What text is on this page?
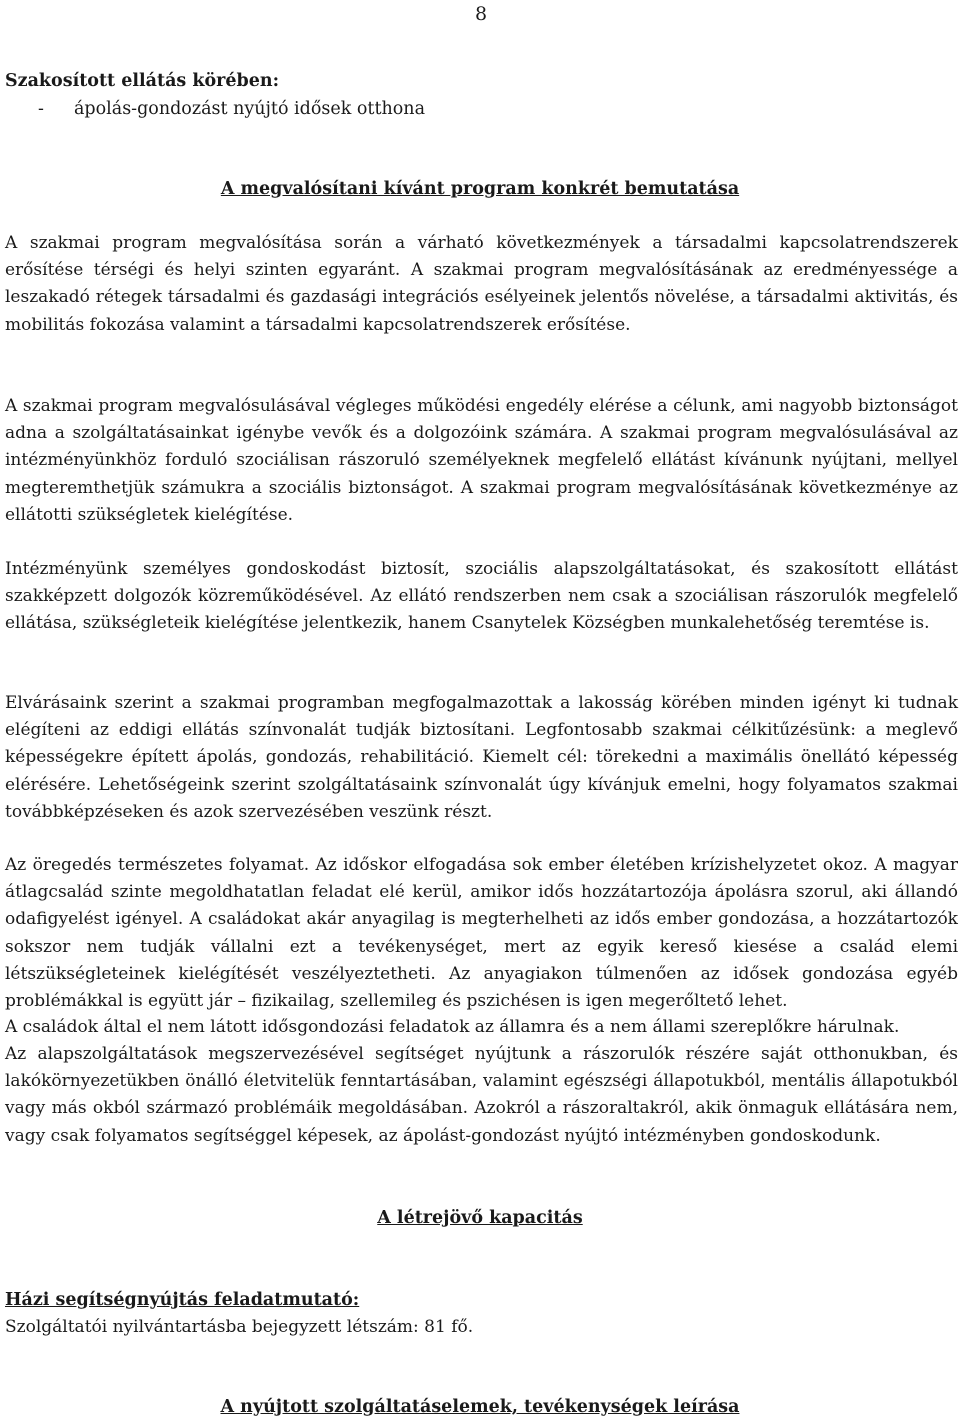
8
Szakosított ellátás körében:
- ápolás-gondozást nyújtó idősek otthona
A megvalósítani kívánt program konkrét bemutatása

A szakmai program megvalósítása során a várható következmények a társadalmi kapcsolatrendszerek erősítése térségi és helyi szinten egyaránt. A szakmai program megvalósításának az eredményessége a leszakadó rétegek társadalmi és gazdasági integrációs esélyeinek jelentős növelése, a társadalmi aktivitás, és mobilitás fokozása valamint a társadalmi kapcsolatrendszerek erősítése.

A szakmai program megvalósulásával végleges működési engedély elérése a célunk, ami nagyobb biztonságot adna a szolgáltatásainkat igénybe vevők és a dolgozóink számára. A szakmai program megvalósulásával az intézményünkhöz forduló szociálisan rászoruló személyeknek megfelelő ellátást kívánunk nyújtani, mellyel megteremthetjük számukra a szociális biztonságot. A szakmai program megvalósításának következménye az ellátotti szükségletek kielégítése.

Intézményünk személyes gondoskodást biztosít, szociális alapszolgáltatásokat, és szakosított ellátást szakképzett dolgozók közreműködésével. Az ellátó rendszerben nem csak a szociálisan rászorulók megfelelő ellátása, szükségleteik kielégítése jelentkezik, hanem Csanytelek Községben munkalehetőség teremtése is.

Elvárásaink szerint a szakmai programban megfogalmazottak a lakosság körében minden igényt ki tudnak elégíteni az eddigi ellátás színvonalát tudják biztosítani. Legfontosabb szakmai célkitűzésünk: a meglevő képességekre épített ápolás, gondozás, rehabilitáció. Kiemelt cél: törekedni a maximális önellátó képesség elérésére. Lehetőségeink szerint szolgáltatásaink színvonalát úgy kívánjuk emelni, hogy folyamatos szakmai továbbképzéseken és azok szervezésében veszünk részt.

Az öregedés természetes folyamat. Az időskor elfogadása sok ember életében krízishelyzetet okoz. A magyar átlagcsalád szinte megoldhatatlan feladat elé kerül, amikor idős hozzátartozója ápolásra szorul, aki állandó odafigyelést igényel. A családokat akár anyagilag is megterhelheti az idős ember gondozása, a hozzátartozók sokszor nem tudják vállalni ezt a tevékenységet, mert az egyik kereső kiesése a család elemi létszükségleteinek kielégítését veszélyeztetheti. Az anyagiakon túlmenően az idősek gondozása egyéb problémákkal is együtt jár – fizikailag, szellemileg és pszichésen is igen megerőltető lehet.

A családok által el nem látott idősgondozási feladatok az államra és a nem állami szereplőkre hárulnak.

Az alapszolgáltatások megszervezésével segítséget nyújtunk a rászorulók részére saját otthonukban, és lakókörnyezetükben önálló életvitelük fenntartásában, valamint egészségi állapotukból, mentális állapotukból vagy más okból származó problémáik megoldásában. Azokról a rászoraltakról, akik önmaguk ellátására nem, vagy csak folyamatos segítséggel képesek, az ápolást-gondozást nyújtó intézményben gondoskodunk.

A létrejövő kapacitás
Házi segítségnyújtás feladatmutató:
Szolgáltatói nyilvántartásba bejegyzett létszám: 81 fő.
A nyújtott szolgáltatáselemek, tevékenységek leírása
